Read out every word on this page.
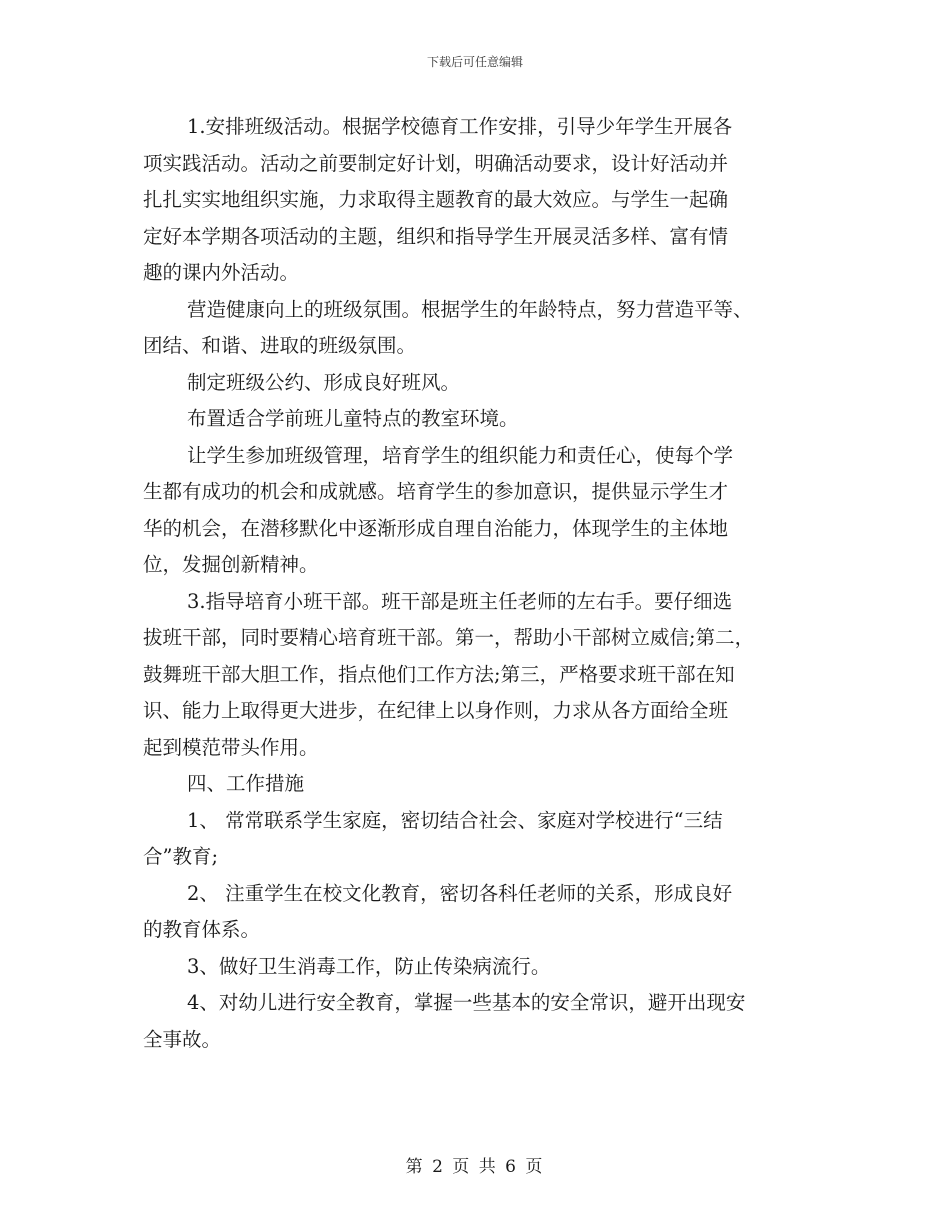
下载后可任意编辑

1.安排班级活动。根据学校德育工作安排，引导少年学生开展各
项实践活动。活动之前要制定好计划，明确活动要求，设计好活动并
扎扎实实地组织实施，力求取得主题教育的最大效应。与学生一起确
定好本学期各项活动的主题，组织和指导学生开展灵活多样、富有情
趣的课内外活动。

营造健康向上的班级氛围。根据学生的年龄特点，努力营造平等、
团结、和谐、进取的班级氛围。

制定班级公约、形成良好班风。

布置适合学前班儿童特点的教室环境。

让学生参加班级管理，培育学生的组织能力和责任心，使每个学
生都有成功的机会和成就感。培育学生的参加意识，提供显示学生才
华的机会，在潜移默化中逐渐形成自理自治能力，体现学生的主体地
位，发掘创新精神。

3.指导培育小班干部。班干部是班主任老师的左右手。要仔细选
拔班干部，同时要精心培育班干部。第一，帮助小干部树立威信;第二，
鼓舞班干部大胆工作，指点他们工作方法;第三，严格要求班干部在知
识、能力上取得更大进步，在纪律上以身作则，力求从各方面给全班
起到模范带头作用。

四、工作措施

1、 常常联系学生家庭，密切结合社会、家庭对学校进行“三结
合”教育;

2、 注重学生在校文化教育，密切各科任老师的关系，形成良好
的教育体系。

3、做好卫生消毒工作，防止传染病流行。

4、对幼儿进行安全教育，掌握一些基本的安全常识，避开出现安
全事故。

第 2 页 共 6 页
